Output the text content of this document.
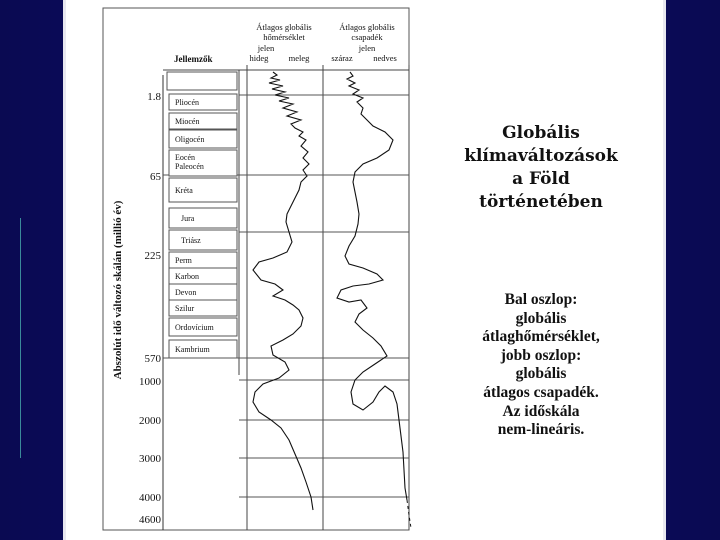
Átlagos globális
hőmérséklet
jelen
hideg meleg
Átlagos globális
csapadék
jelen
száraz nedves
Jellemzők
Abszolút idő változó skálán (millió év)
1.8
65
225
570
1000
2000
3000
4000
4600
Pliocén
Miocén
Oligocén
Eocén
Paleocén
Kréta
Jura
Triász
Perm
Karbon
Devon
Szilur
Ordovícium
Kambrium
Globális
klímaváltozások
a Föld
történetében
Bal oszlop:
globális
átlaghőmérséklet,
jobb oszlop:
globális
átlagos csapadék.
Az időskála
nem-lineáris.
